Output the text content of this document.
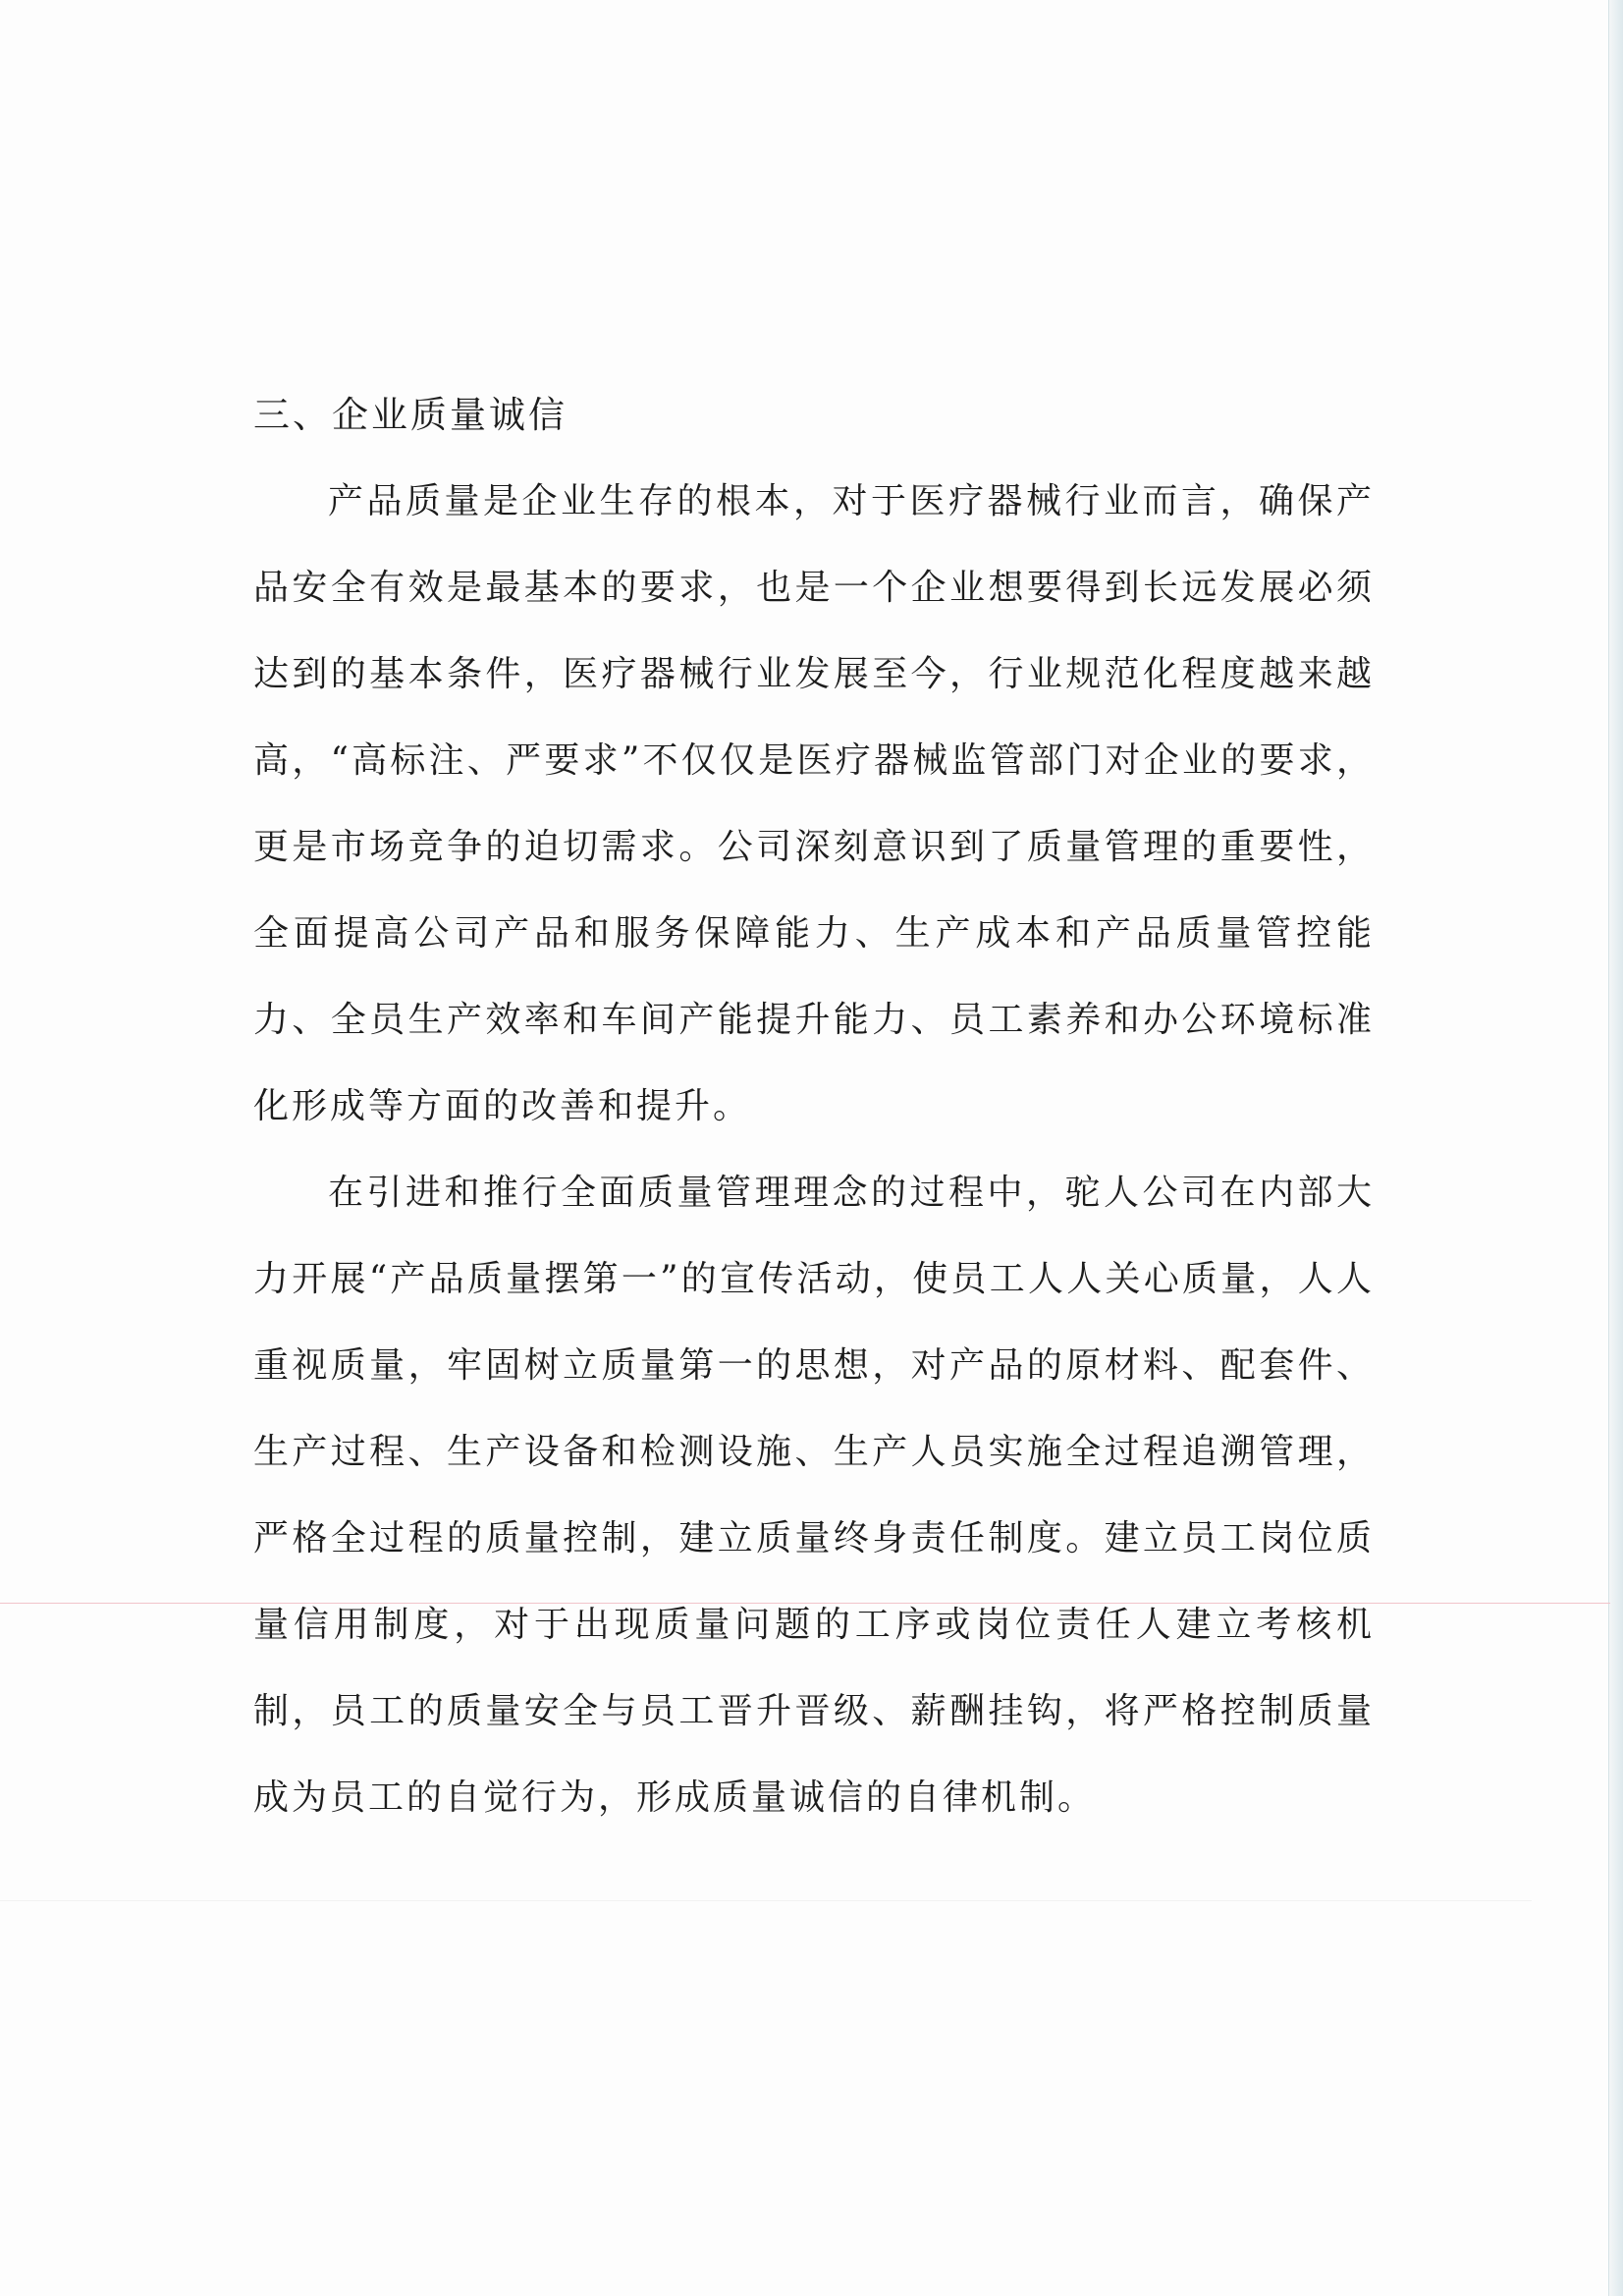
三、企业质量诚信

产品质量是企业生存的根本，对于医疗器械行业而言，确保产品安全有效是最基本的要求，也是一个企业想要得到长远发展必须达到的基本条件，医疗器械行业发展至今，行业规范化程度越来越高，“高标注、严要求”不仅仅是医疗器械监管部门对企业的要求，更是市场竞争的迫切需求。公司深刻意识到了质量管理的重要性，全面提高公司产品和服务保障能力、生产成本和产品质量管控能力、全员生产效率和车间产能提升能力、员工素养和办公环境标准化形成等方面的改善和提升。

在引进和推行全面质量管理理念的过程中，驼人公司在内部大力开展“产品质量摆第一”的宣传活动，使员工人人关心质量，人人重视质量，牢固树立质量第一的思想，对产品的原材料、配套件、生产过程、生产设备和检测设施、生产人员实施全过程追溯管理，严格全过程的质量控制，建立质量终身责任制度。建立员工岗位质量信用制度，对于出现质量问题的工序或岗位责任人建立考核机制，员工的质量安全与员工晋升晋级、薪酬挂钩，将严格控制质量成为员工的自觉行为，形成质量诚信的自律机制。
